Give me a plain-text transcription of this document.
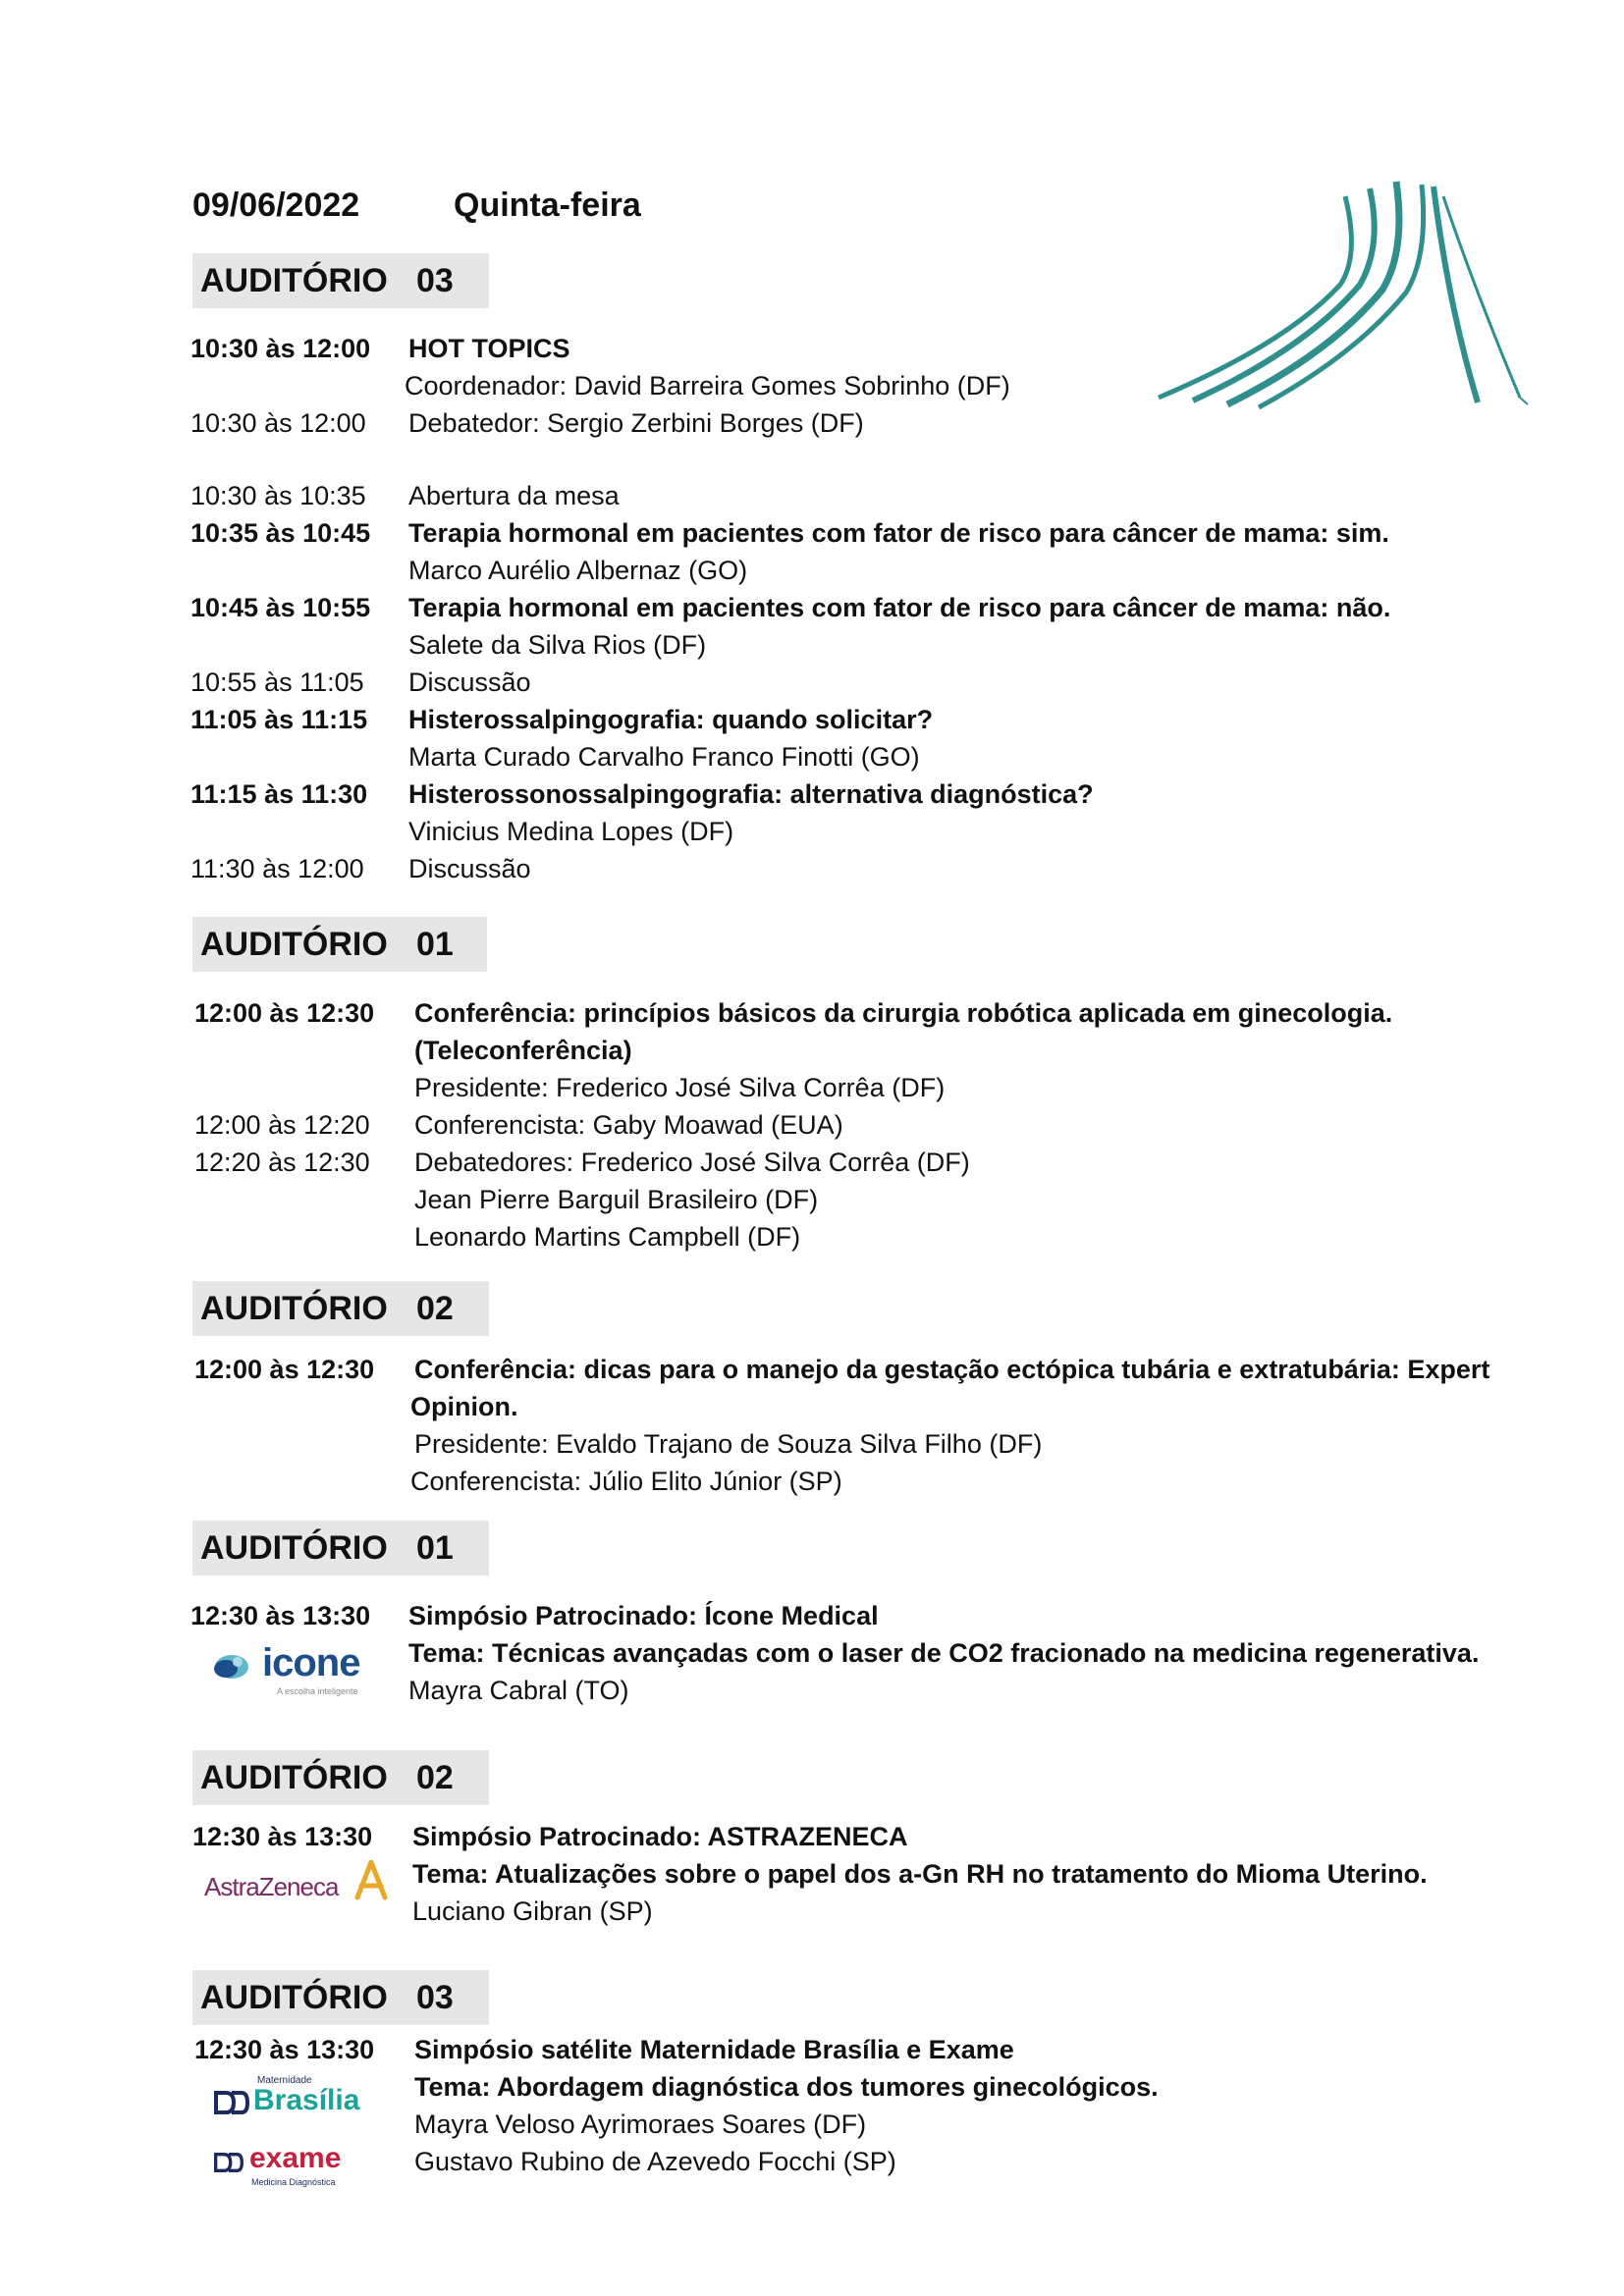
09/06/2022	Quinta-feira
AUDITÓRIO 03
10:30 às 12:00 HOT TOPICS
Coordenador: David Barreira Gomes Sobrinho (DF)
10:30 às 12:00 Debatedor: Sergio Zerbini Borges (DF)
10:30 às 10:35 Abertura da mesa
10:35 às 10:45 Terapia hormonal em pacientes com fator de risco para câncer de mama: sim.
Marco Aurélio Albernaz (GO)
10:45 às 10:55 Terapia hormonal em pacientes com fator de risco para câncer de mama: não.
Salete da Silva Rios (DF)
10:55 às 11:05 Discussão
11:05 às 11:15 Histerossalpingografia: quando solicitar?
Marta Curado Carvalho Franco Finotti (GO)
11:15 às 11:30 Histerossonossalpingografia: alternativa diagnóstica?
Vinicius Medina Lopes (DF)
11:30 às 12:00 Discussão
AUDITÓRIO 01
12:00 às 12:30 Conferência: princípios básicos da cirurgia robótica aplicada em ginecologia.
(Teleconferência)
Presidente: Frederico José Silva Corrêa (DF)
12:00 às 12:20 Conferencista: Gaby Moawad (EUA)
12:20 às 12:30 Debatedores: Frederico José Silva Corrêa (DF)
Jean Pierre Barguil Brasileiro (DF)
Leonardo Martins Campbell (DF)
AUDITÓRIO 02
12:00 às 12:30 Conferência: dicas para o manejo da gestação ectópica tubária e extratubária: Expert
Opinion.
Presidente: Evaldo Trajano de Souza Silva Filho (DF)
Conferencista: Júlio Elito Júnior (SP)
AUDITÓRIO 01
12:30 às 13:30 Simpósio Patrocinado: Ícone Medical
Tema: Técnicas avançadas com o laser de CO2 fracionado na medicina regenerativa.
Mayra Cabral (TO)
AUDITÓRIO 02
12:30 às 13:30 Simpósio Patrocinado: ASTRAZENECA
Tema: Atualizações sobre o papel dos a-Gn RH no tratamento do Mioma Uterino.
Luciano Gibran (SP)
AUDITÓRIO 03
12:30 às 13:30 Simpósio satélite Maternidade Brasília e Exame
Tema: Abordagem diagnóstica dos tumores ginecológicos.
Mayra Veloso Ayrimoraes Soares (DF)
Gustavo Rubino de Azevedo Focchi (SP)
icone
A escolha inteligente
AstraZeneca
Maternidade
Brasília
exame
Medicina Diagnóstica
